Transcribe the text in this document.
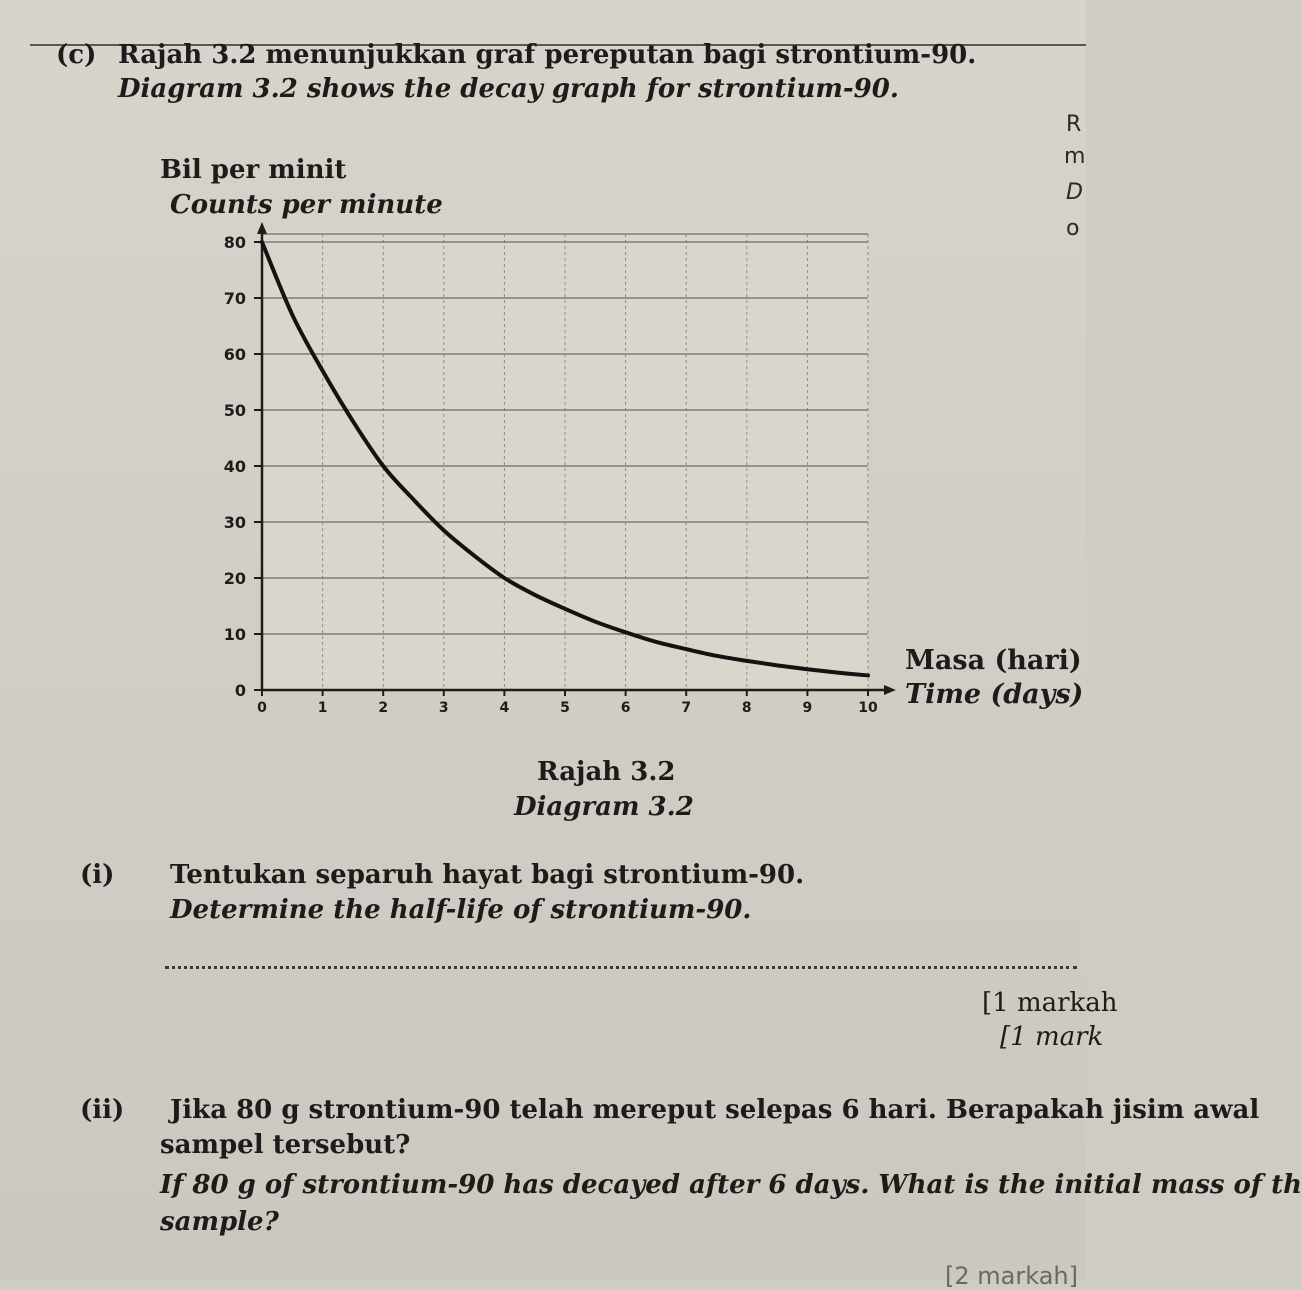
(c) Rajah 3.2 menunjukkan graf pereputan bagi strontium-90.
Diagram 3.2 shows the decay graph for strontium-90.
R
m
D
o
Bil per minit
Counts per minute
0
10
20
30
40
50
60
70
80
0	1	2	3	4	5	6	7	8	9	10
Masa (hari)
Time (days)
Rajah 3.2
Diagram 3.2
(i) Tentukan separuh hayat bagi strontium-90.
Determine the half-life of strontium-90.
[1 markah
[1 mark
(ii) Jika 80 g strontium-90 telah mereput selepas 6 hari. Berapakah jisim awal
sampel tersebut?
If 80 g of strontium-90 has decayed after 6 days. What is the initial mass of th
sample?
[2 markah]
